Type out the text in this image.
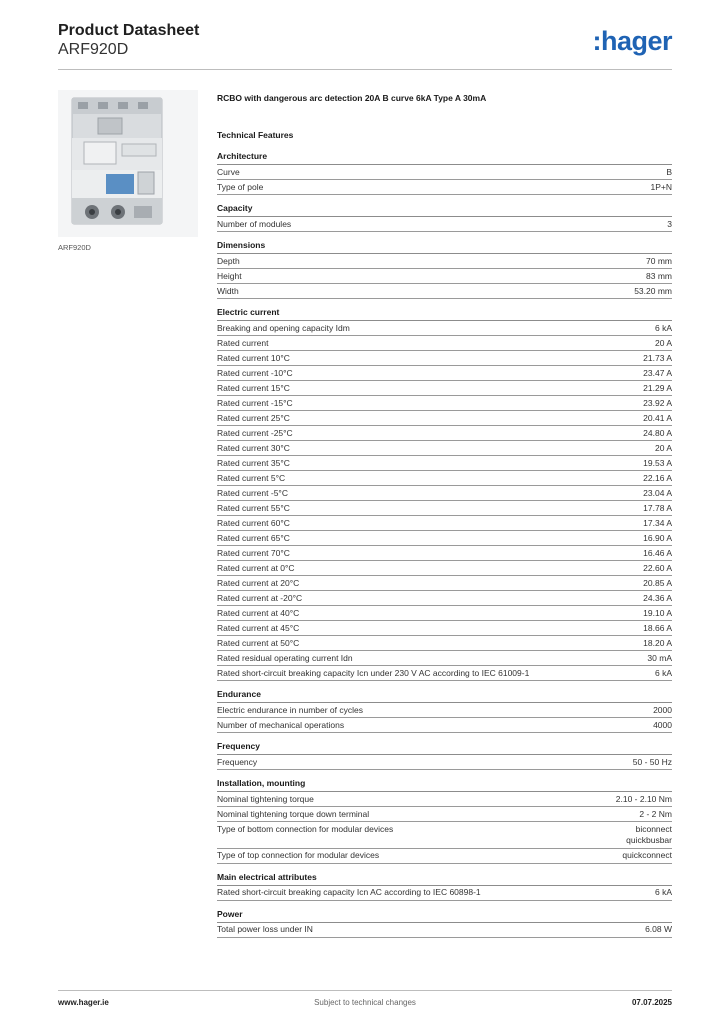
Product Datasheet
ARF920D	:hager
ARF920D
RCBO with dangerous arc detection 20A B curve 6kA Type A 30mA
Technical Features
Architecture
Curve	B
Type of pole	1P+N
Capacity
Number of modules	3
Dimensions
Depth	70 mm
Height	83 mm
Width	53.20 mm
Electric current
Breaking and opening capacity Idm	6 kA
Rated current	20 A
Rated current 10°C	21.73 A
Rated current -10°C	23.47 A
Rated current 15°C	21.29 A
Rated current -15°C	23.92 A
Rated current 25°C	20.41 A
Rated current -25°C	24.80 A
Rated current 30°C	20 A
Rated current 35°C	19.53 A
Rated current 5°C	22.16 A
Rated current -5°C	23.04 A
Rated current 55°C	17.78 A
Rated current 60°C	17.34 A
Rated current 65°C	16.90 A
Rated current 70°C	16.46 A
Rated current at 0°C	22.60 A
Rated current at 20°C	20.85 A
Rated current at -20°C	24.36 A
Rated current at 40°C	19.10 A
Rated current at 45°C	18.66 A
Rated current at 50°C	18.20 A
Rated residual operating current Idn	30 mA
Rated short-circuit breaking capacity Icn under 230 V AC according to IEC 61009-1	6 kA
Endurance
Electric endurance in number of cycles	2000
Number of mechanical operations	4000
Frequency
Frequency	50 - 50 Hz
Installation, mounting
Nominal tightening torque	2.10 - 2.10 Nm
Nominal tightening torque down terminal	2 - 2 Nm
Type of bottom connection for modular devices	biconnect
quickbusbar
Type of top connection for modular devices	quickconnect
Main electrical attributes
Rated short-circuit breaking capacity Icn AC according to IEC 60898-1	6 kA
Power
Total power loss under IN	6.08 W
www.hager.ie	Subject to technical changes	07.07.2025
